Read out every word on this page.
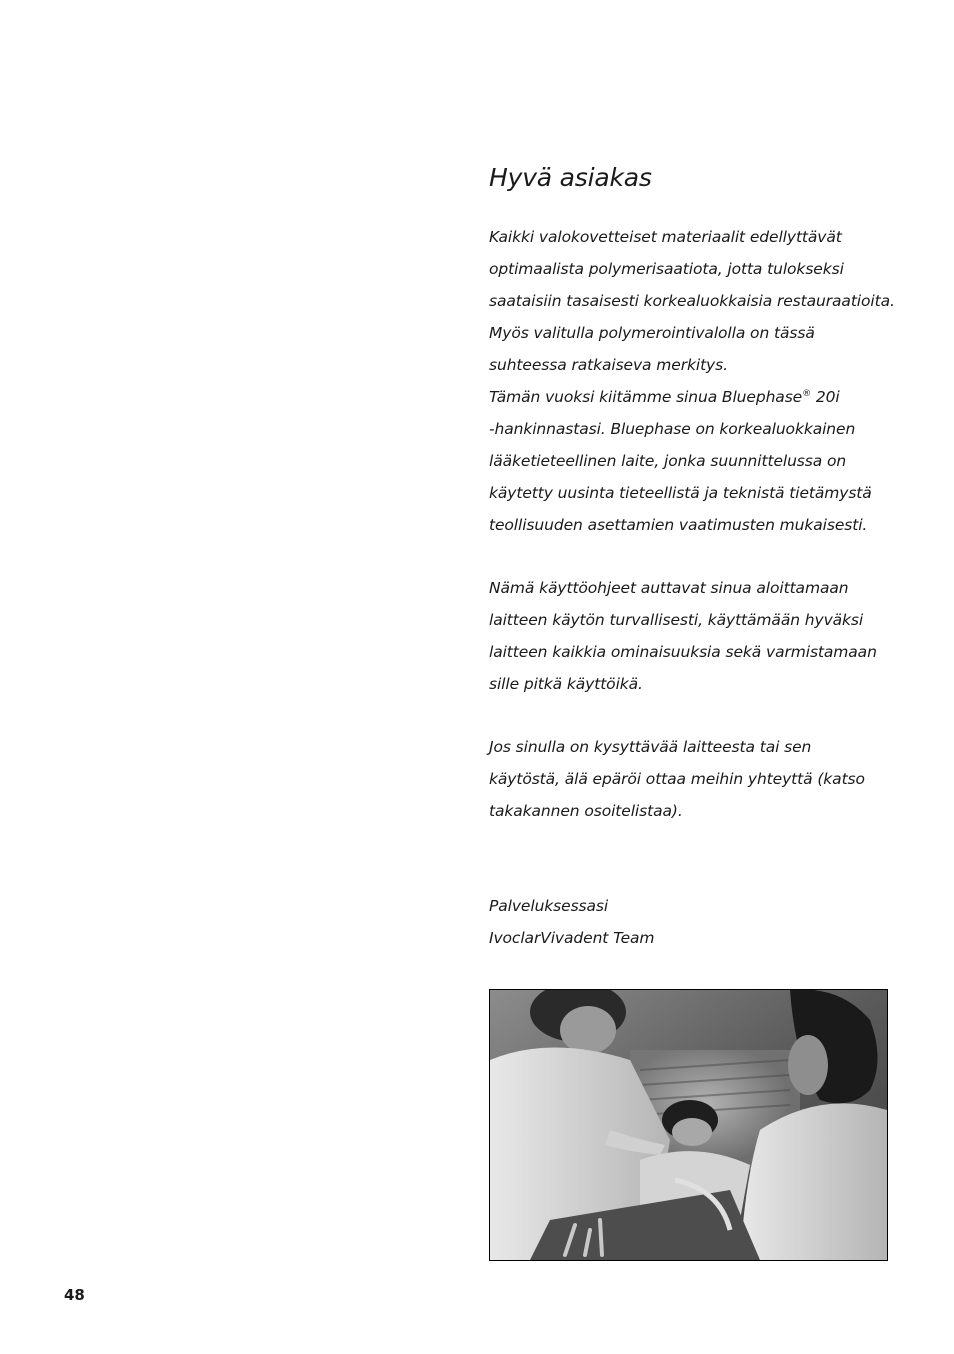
Hyvä asiakas

Kaikki valokovetteiset materiaalit edellyttävät
optimaalista polymerisaatiota, jotta tulokseksi
saataisiin tasaisesti korkealuokkaisia restauraatioita.
Myös valitulla polymerointivalolla on tässä
suhteessa ratkaiseva merkitys.
Tämän vuoksi kiitämme sinua Bluephase® 20i
-hankinnastasi. Bluephase on korkealuokkainen
lääketieteellinen laite, jonka suunnittelussa on
käytetty uusinta tieteellistä ja teknistä tietämystä
teollisuuden asettamien vaatimusten mukaisesti.

Nämä käyttöohjeet auttavat sinua aloittamaan
laitteen käytön turvallisesti, käyttämään hyväksi
laitteen kaikkia ominaisuuksia sekä varmistamaan
sille pitkä käyttöikä.

Jos sinulla on kysyttävää laitteesta tai sen
käytöstä, älä epäröi ottaa meihin yhteyttä (katso
takakannen osoitelistaa).

Palveluksessasi
IvoclarVivadent Team

48
